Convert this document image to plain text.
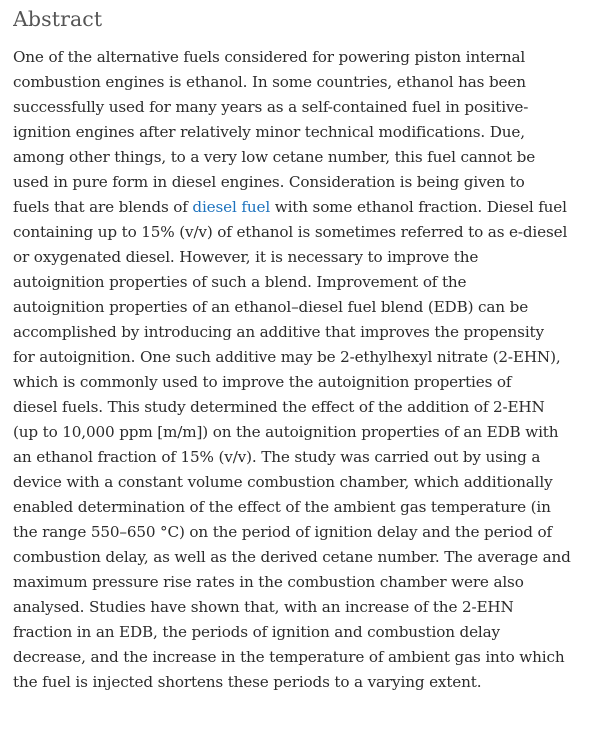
Abstract
One of the alternative fuels considered for powering piston internal
combustion engines is ethanol. In some countries, ethanol has been
successfully used for many years as a self-contained fuel in positive-
ignition engines after relatively minor technical modifications. Due,
among other things, to a very low cetane number, this fuel cannot be
used in pure form in diesel engines. Consideration is being given to
fuels that are blends of diesel fuel with some ethanol fraction. Diesel fuel
containing up to 15% (v/v) of ethanol is sometimes referred to as e-diesel
or oxygenated diesel. However, it is necessary to improve the
autoignition properties of such a blend. Improvement of the
autoignition properties of an ethanol–diesel fuel blend (EDB) can be
accomplished by introducing an additive that improves the propensity
for autoignition. One such additive may be 2-ethylhexyl nitrate (2-EHN),
which is commonly used to improve the autoignition properties of
diesel fuels. This study determined the effect of the addition of 2-EHN
(up to 10,000 ppm [m/m]) on the autoignition properties of an EDB with
an ethanol fraction of 15% (v/v). The study was carried out by using a
device with a constant volume combustion chamber, which additionally
enabled determination of the effect of the ambient gas temperature (in
the range 550–650 °C) on the period of ignition delay and the period of
combustion delay, as well as the derived cetane number. The average and
maximum pressure rise rates in the combustion chamber were also
analysed. Studies have shown that, with an increase of the 2-EHN
fraction in an EDB, the periods of ignition and combustion delay
decrease, and the increase in the temperature of ambient gas into which
the fuel is injected shortens these periods to a varying extent.
